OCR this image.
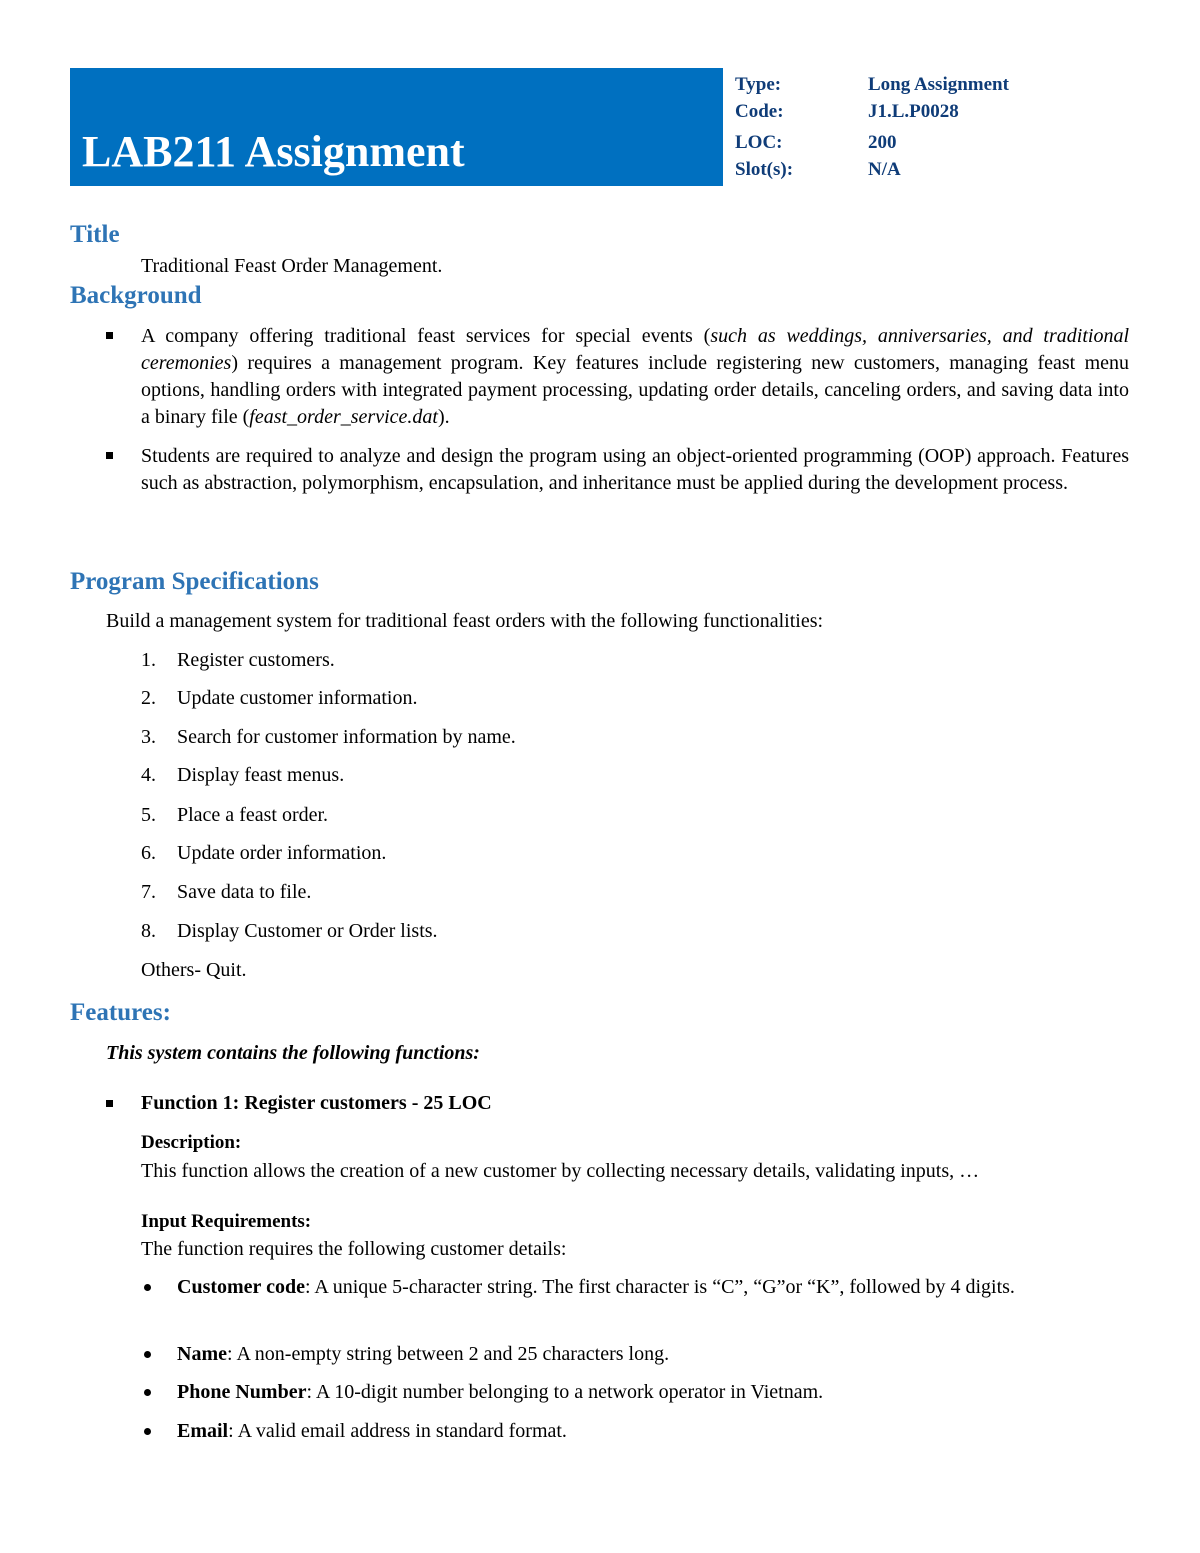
LAB211 Assignment
Type:	Long Assignment
Code:	J1.L.P0028
LOC:	200
Slot(s):	N/A
Title
Traditional Feast Order Management.
Background
A company offering traditional feast services for special events (such as weddings, anniversaries, and traditional ceremonies) requires a management program. Key features include registering new customers, managing feast menu options, handling orders with integrated payment processing, updating order details, canceling orders, and saving data into a binary file (feast_order_service.dat).
Students are required to analyze and design the program using an object-oriented programming (OOP) approach. Features such as abstraction, polymorphism, encapsulation, and inheritance must be applied during the development process.
Program Specifications
Build a management system for traditional feast orders with the following functionalities:
1.	Register customers.
2.	Update customer information.
3.	Search for customer information by name.
4.	Display feast menus.
5.	Place a feast order.
6.	Update order information.
7.	Save data to file.
8.	Display Customer or Order lists.
Others- Quit.
Features:
This system contains the following functions:
Function 1: Register customers - 25 LOC
Description:
This function allows the creation of a new customer by collecting necessary details, validating inputs, …
Input Requirements:
The function requires the following customer details:
Customer code: A unique 5-character string. The first character is “C”, “G”or “K”, followed by 4 digits.
Name: A non-empty string between 2 and 25 characters long.
Phone Number: A 10-digit number belonging to a network operator in Vietnam.
Email: A valid email address in standard format.
